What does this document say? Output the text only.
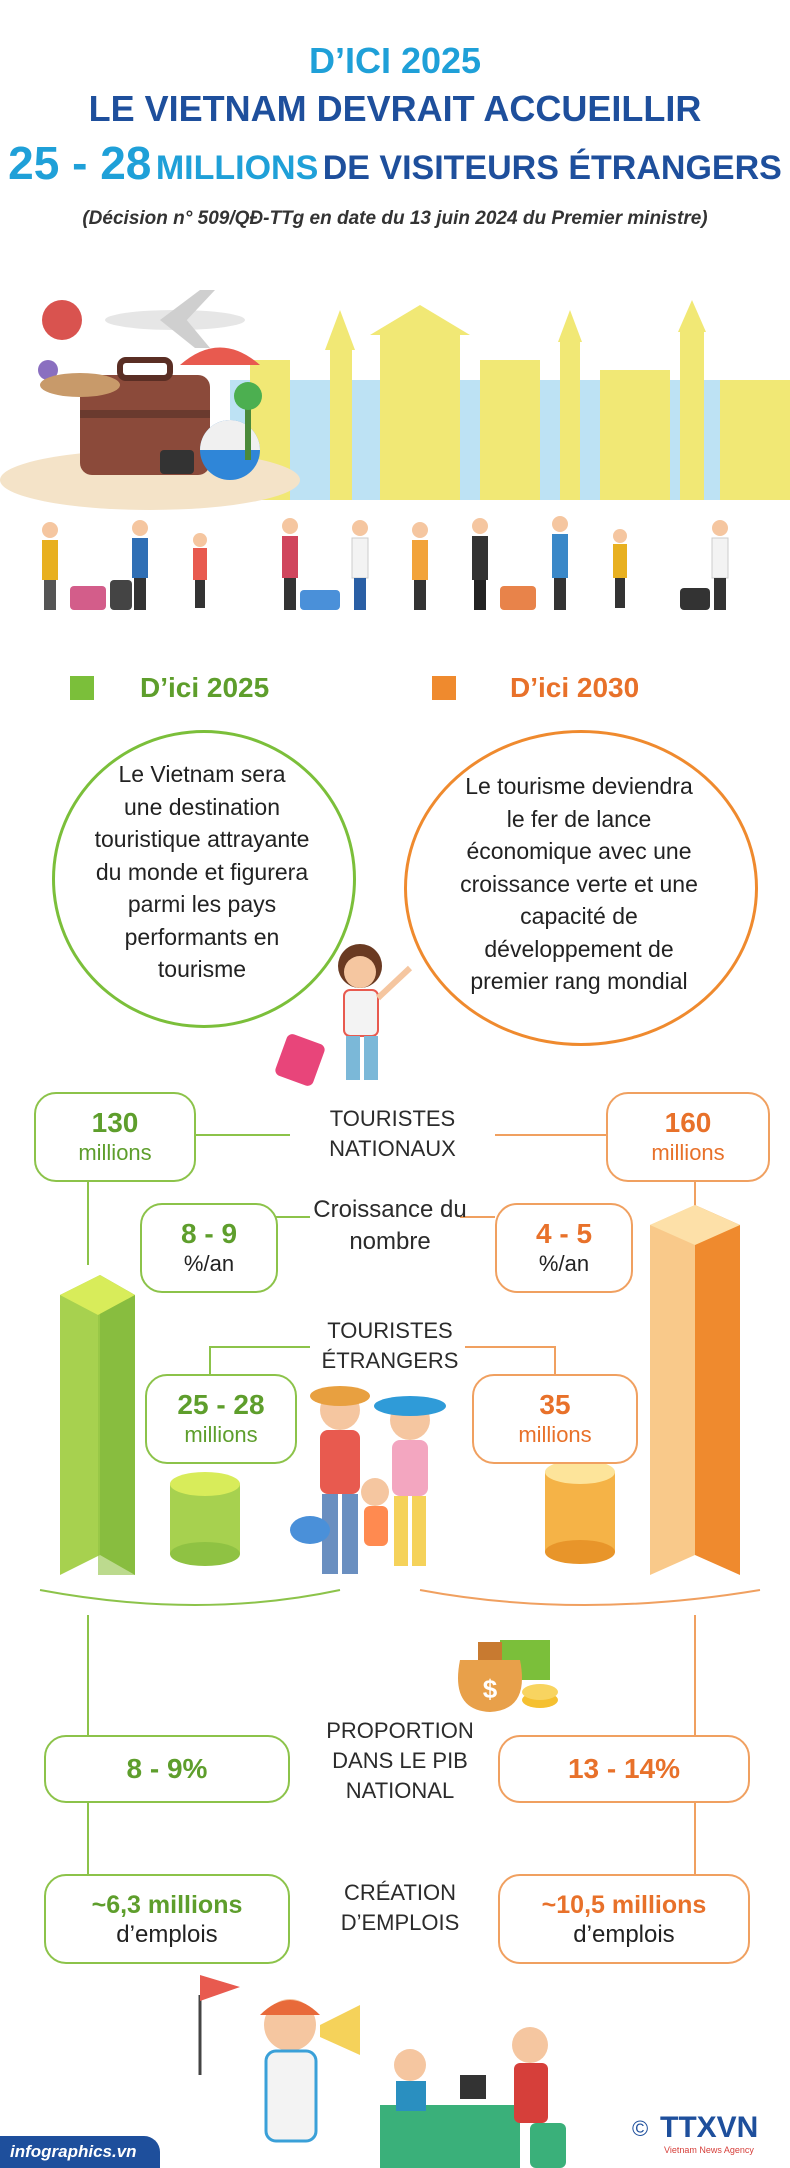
D’ICI 2025
LE VIETNAM DEVRAIT ACCUEILLIR
25 - 28 MILLIONS DE VISITEURS ÉTRANGERS
(Décision n° 509/QĐ-TTg en date du 13 juin 2024 du Premier ministre)
D’ici 2025	D’ici 2030
Le Vietnam sera
une destination
touristique attrayante
du monde et figurera
parmi les pays
performants en
tourisme
Le tourisme deviendra
le fer de lance
économique avec une
croissance verte et une
capacité de
développement de
premier rang mondial
$
130
millions
TOURISTES
NATIONAUX
160
millions
8 - 9
%/an
Croissance du
nombre	4 - 5
%/an
TOURISTES
ÉTRANGERS
25 - 28
millions
35
millions
8 - 9%
PROPORTION
DANS LE PIB
NATIONAL
13 - 14%
~6,3 millions
d’emplois
CRÉATION
D’EMPLOIS
~10,5 millions
d’emplois
infographics.vn
© TTXVN
Vietnam News Agency
